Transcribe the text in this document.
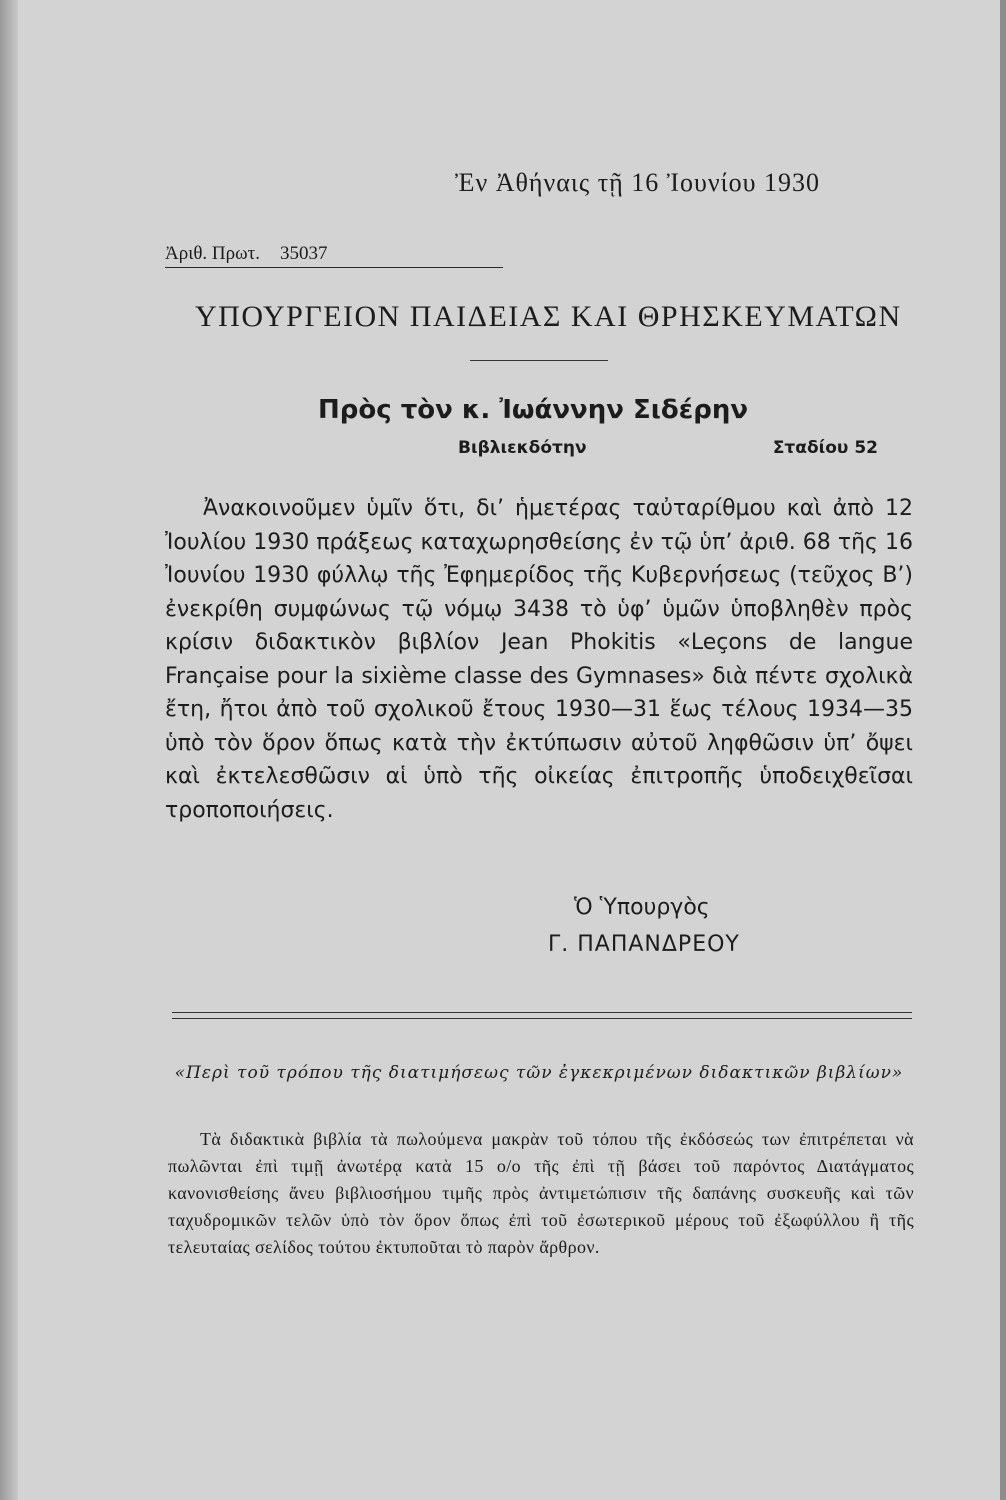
Ἐν Ἀθήναις τῇ 16 Ἰουνίου 1930
Ἀριθ. Πρωτ. 35037
ΥΠΟΥΡΓΕΙΟΝ ΠΑΙΔΕΙΑΣ ΚΑΙ ΘΡΗΣΚΕΥΜΑΤΩΝ
Πρὸς τὸν κ. Ἰωάννην Σιδέρην
Βιβλιεκδότην	Σταδίου 52

Ἀνακοινοῦμεν ὑμῖν ὅτι, δι’ ἡμετέρας ταὐταρίθμου καὶ ἀπὸ 12 Ἰουλίου 1930 πράξεως καταχωρησθείσης ἐν τῷ ὑπ’ ἀριθ. 68 τῆς 16 Ἰουνίου 1930 φύλλῳ τῆς Ἐφημερίδος τῆς Κυβερνήσεως (τεῦχος Β’) ἐνεκρίθη συμφώνως τῷ νόμῳ 3438 τὸ ὑφ’ ὑμῶν ὑποβληθὲν πρὸς κρίσιν διδακτικὸν βιβλίον Jean Phokitis «Leçons de langue Française pour la sixième classe des Gymnases» διὰ πέντε σχολικὰ ἔτη, ἤτοι ἀπὸ τοῦ σχολικοῦ ἔτους 1930—31 ἕως τέλους 1934—35 ὑπὸ τὸν ὅρον ὅπως κατὰ τὴν ἐκτύπωσιν αὐτοῦ ληφθῶσιν ὑπ’ ὄψει καὶ ἐκτελεσθῶσιν αἱ ὑπὸ τῆς οἰκείας ἐπιτροπῆς ὑποδειχθεῖσαι τροποποιήσεις.

Ὁ Ὑπουργὸς
Γ. ΠΑΠΑΝΔΡΕΟΥ
«Περὶ τοῦ τρόπου τῆς διατιμήσεως τῶν ἐγκεκριμένων διδακτικῶν βιβλίων»

Τὰ διδακτικὰ βιβλία τὰ πωλούμενα μακρὰν τοῦ τόπου τῆς ἐκδόσεώς των ἐπιτρέπεται νὰ πωλῶνται ἐπὶ τιμῇ ἀνωτέρᾳ κατὰ 15 ο/ο τῆς ἐπὶ τῇ βάσει τοῦ παρόντος Διατάγματος κανονισθείσης ἄνευ βιβλιοσήμου τιμῆς πρὸς ἀντιμετώπισιν τῆς δαπάνης συσκευῆς καὶ τῶν ταχυδρομικῶν τελῶν ὑπὸ τὸν ὅρον ὅπως ἐπὶ τοῦ ἐσωτερικοῦ μέρους τοῦ ἐξωφύλλου ἢ τῆς τελευταίας σελίδος τούτου ἐκτυποῦται τὸ παρὸν ἄρθρον.
